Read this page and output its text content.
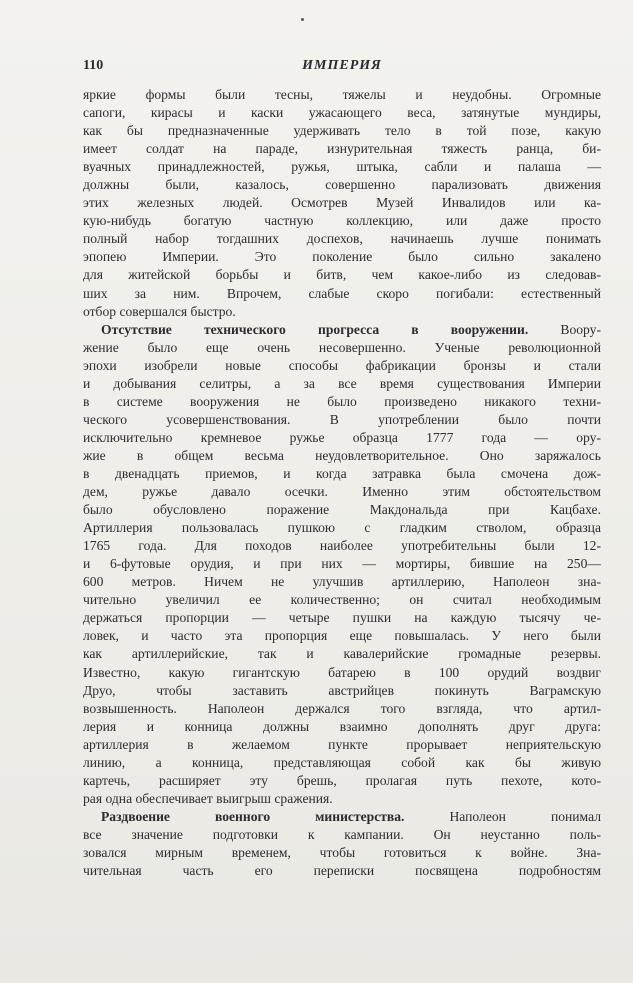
110	ИМПЕРИЯ
яркие формы были тесны, тяжелы и неудобны. Огромные
сапоги, кирасы и каски ужасающего веса, затянутые мундиры,
как бы предназначенные удерживать тело в той позе, какую
имеет солдат на параде, изнурительная тяжесть ранца, би-
вуачных принадлежностей, ружья, штыка, сабли и палаша —
должны были, казалось, совершенно парализовать движения
этих железных людей. Осмотрев Музей Инвалидов или ка-
кую-нибудь богатую частную коллекцию, или даже просто
полный набор тогдашних доспехов, начинаешь лучше понимать
эпопею Империи. Это поколение было сильно закалено
для житейской борьбы и битв, чем какое-либо из следовав-
ших за ним. Впрочем, слабые скоро погибали: естественный
отбор совершался быстро.
Отсутствие технического прогресса в вооружении. Воору-
жение было еще очень несовершенно. Ученые революционной
эпохи изобрели новые способы фабрикации бронзы и стали
и добывания селитры, а за все время существования Империи
в системе вооружения не было произведено никакого техни-
ческого усовершенствования. В употреблении было почти
исключительно кремневое ружье образца 1777 года — ору-
жие в общем весьма неудовлетворительное. Оно заряжалось
в двенадцать приемов, и когда затравка была смочена дож-
дем, ружье давало осечки. Именно этим обстоятельством
было обусловлено поражение Макдональда при Кацбахе.
Артиллерия пользовалась пушкою с гладким стволом, образца
1765 года. Для походов наиболее употребительны были 12-
и 6-футовые орудия, и при них — мортиры, бившие на 250—
600 метров. Ничем не улучшив артиллерию, Наполеон зна-
чительно увеличил ее количественно; он считал необходимым
держаться пропорции — четыре пушки на каждую тысячу че-
ловек, и часто эта пропорция еще повышалась. У него были
как артиллерийские, так и кавалерийские громадные резервы.
Известно, какую гигантскую батарею в 100 орудий воздвиг
Друо, чтобы заставить австрийцев покинуть Ваграмскую
возвышенность. Наполеон держался того взгляда, что артил-
лерия и конница должны взаимно дополнять друг друга:
артиллерия в желаемом пункте прорывает неприятельскую
линию, а конница, представляющая собой как бы живую
картечь, расширяет эту брешь, пролагая путь пехоте, кото-
рая одна обеспечивает выигрыш сражения.
Раздвоение военного министерства.	Наполеон понимал
все значение подготовки к кампании. Он неустанно поль-
зовался мирным временем, чтобы готовиться к войне. Зна-
чительная часть его переписки посвящена подробностям
